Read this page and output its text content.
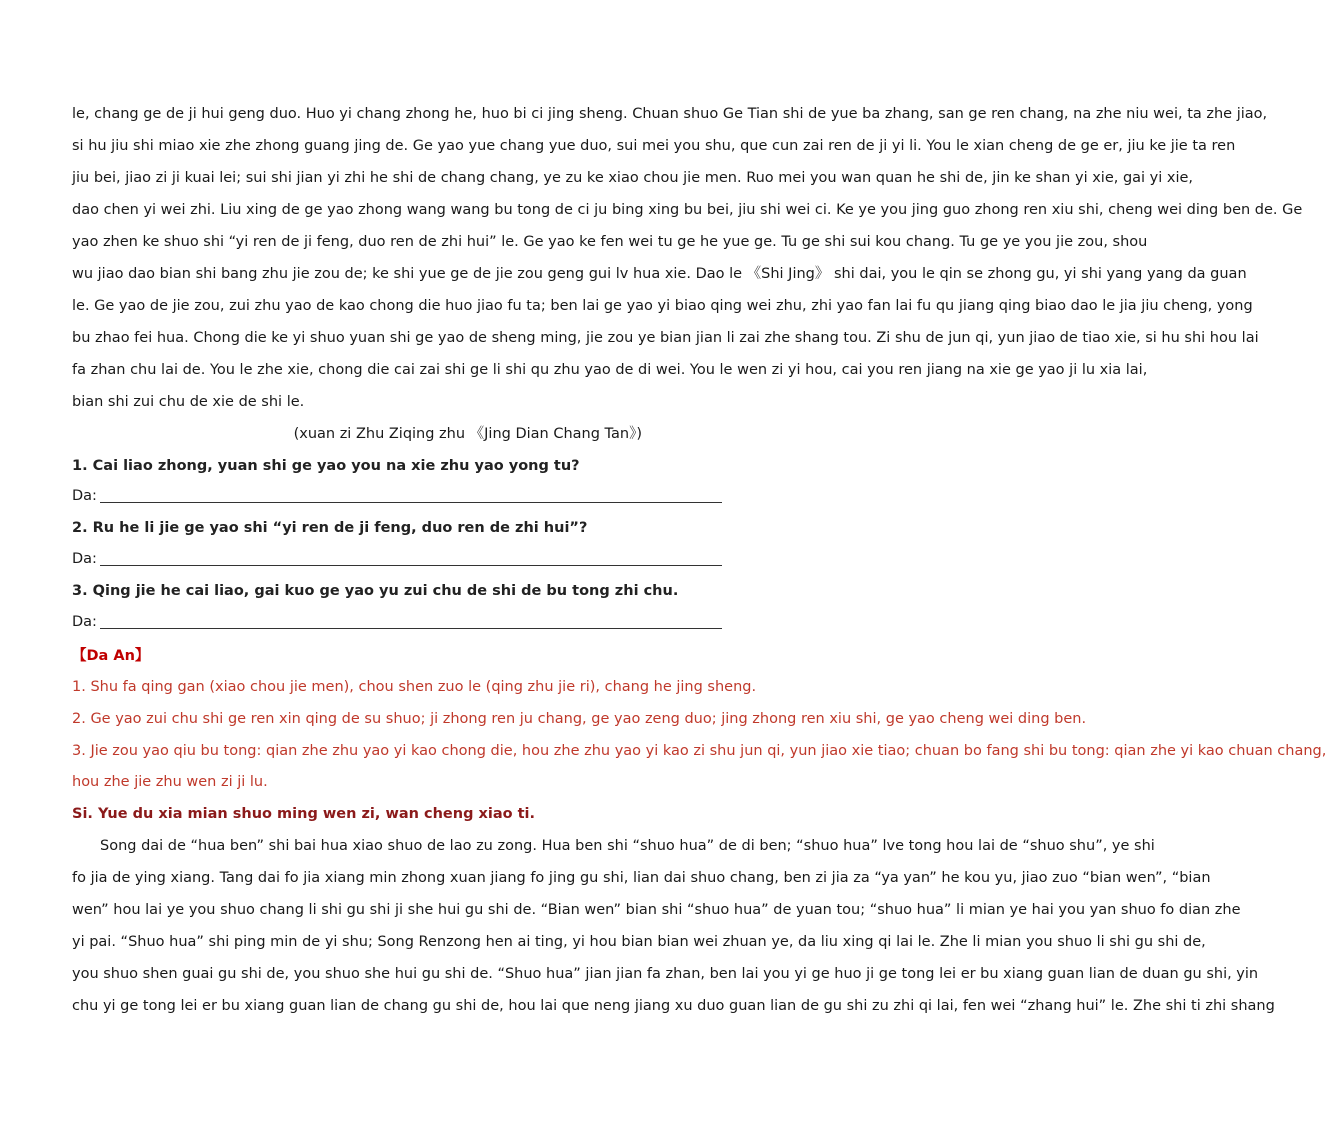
le, chang ge de ji hui geng duo. Huo yi chang zhong he, huo bi ci jing sheng. Chuan shuo Ge Tian shi de yue ba zhang, san ge ren chang, na zhe niu wei, ta zhe jiao,
si hu jiu shi miao xie zhe zhong guang jing de. Ge yao yue chang yue duo, sui mei you shu, que cun zai ren de ji yi li. You le xian cheng de ge er, jiu ke jie ta ren
jiu bei, jiao zi ji kuai lei; sui shi jian yi zhi he shi de chang chang, ye zu ke xiao chou jie men. Ruo mei you wan quan he shi de, jin ke shan yi xie, gai yi xie,
dao chen yi wei zhi. Liu xing de ge yao zhong wang wang bu tong de ci ju bing xing bu bei, jiu shi wei ci. Ke ye you jing guo zhong ren xiu shi, cheng wei ding ben de. Ge
yao zhen ke shuo shi “yi ren de ji feng, duo ren de zhi hui” le. Ge yao ke fen wei tu ge he yue ge. Tu ge shi sui kou chang. Tu ge ye you jie zou, shou
wu jiao dao bian shi bang zhu jie zou de; ke shi yue ge de jie zou geng gui lv hua xie. Dao le 《Shi Jing》 shi dai, you le qin se zhong gu, yi shi yang yang da guan
le. Ge yao de jie zou, zui zhu yao de kao chong die huo jiao fu ta; ben lai ge yao yi biao qing wei zhu, zhi yao fan lai fu qu jiang qing biao dao le jia jiu cheng, yong
bu zhao fei hua. Chong die ke yi shuo yuan shi ge yao de sheng ming, jie zou ye bian jian li zai zhe shang tou. Zi shu de jun qi, yun jiao de tiao xie, si hu shi hou lai
fa zhan chu lai de. You le zhe xie, chong die cai zai shi ge li shi qu zhu yao de di wei. You le wen zi yi hou, cai you ren jiang na xie ge yao ji lu xia lai,
bian shi zui chu de xie de shi le.
(xuan zi Zhu Ziqing zhu 《Jing Dian Chang Tan》)
1. Cai liao zhong, yuan shi ge yao you na xie zhu yao yong tu?
Da:
2. Ru he li jie ge yao shi “yi ren de ji feng, duo ren de zhi hui”?
Da:
3. Qing jie he cai liao, gai kuo ge yao yu zui chu de shi de bu tong zhi chu.
Da:
【Da An】
1. Shu fa qing gan (xiao chou jie men), chou shen zuo le (qing zhu jie ri), chang he jing sheng.
2. Ge yao zui chu shi ge ren xin qing de su shuo; ji zhong ren ju chang, ge yao zeng duo; jing zhong ren xiu shi, ge yao cheng wei ding ben.
3. Jie zou yao qiu bu tong: qian zhe zhu yao yi kao chong die, hou zhe zhu yao yi kao zi shu jun qi, yun jiao xie tiao; chuan bo fang shi bu tong: qian zhe yi kao chuan chang,
hou zhe jie zhu wen zi ji lu.
Si. Yue du xia mian shuo ming wen zi, wan cheng xiao ti.
Song dai de “hua ben” shi bai hua xiao shuo de lao zu zong. Hua ben shi “shuo hua” de di ben; “shuo hua” lve tong hou lai de “shuo shu”, ye shi
fo jia de ying xiang. Tang dai fo jia xiang min zhong xuan jiang fo jing gu shi, lian dai shuo chang, ben zi jia za “ya yan” he kou yu, jiao zuo “bian wen”, “bian
wen” hou lai ye you shuo chang li shi gu shi ji she hui gu shi de. “Bian wen” bian shi “shuo hua” de yuan tou; “shuo hua” li mian ye hai you yan shuo fo dian zhe
yi pai. “Shuo hua” shi ping min de yi shu; Song Renzong hen ai ting, yi hou bian bian wei zhuan ye, da liu xing qi lai le. Zhe li mian you shuo li shi gu shi de,
you shuo shen guai gu shi de, you shuo she hui gu shi de. “Shuo hua” jian jian fa zhan, ben lai you yi ge huo ji ge tong lei er bu xiang guan lian de duan gu shi, yin
chu yi ge tong lei er bu xiang guan lian de chang gu shi de, hou lai que neng jiang xu duo guan lian de gu shi zu zhi qi lai, fen wei “zhang hui” le. Zhe shi ti zhi shang
